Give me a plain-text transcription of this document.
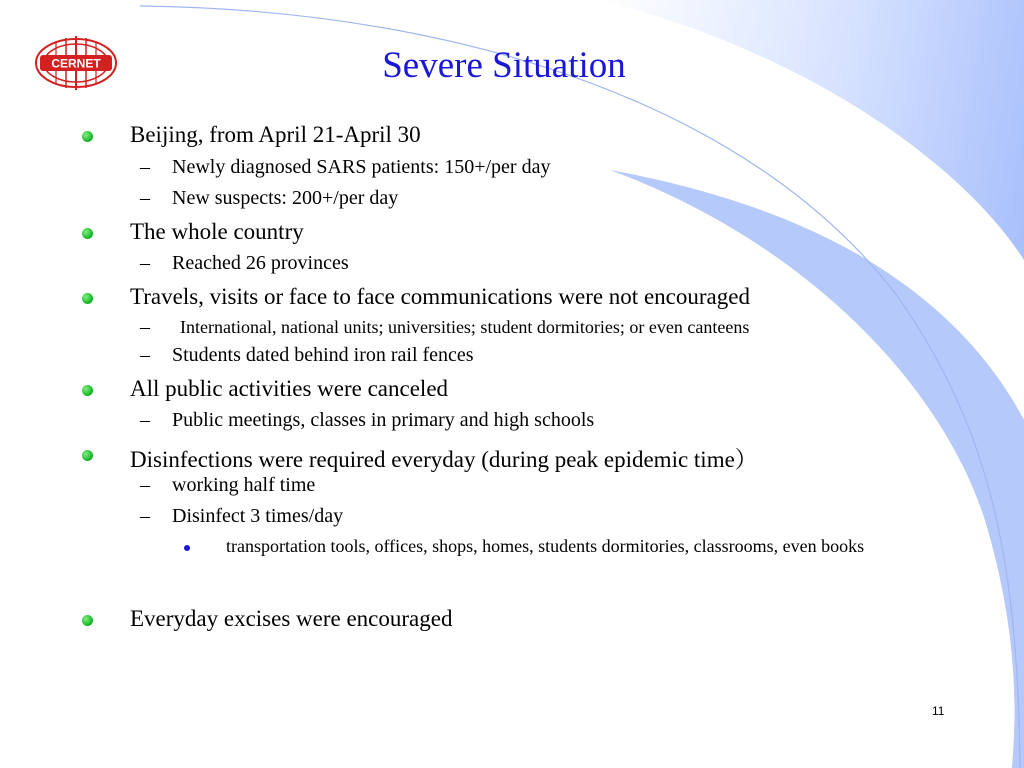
CERNET	Severe Situation
Beijing, from April 21-April 30
– Newly diagnosed SARS patients: 150+/per day
– New suspects: 200+/per day
The whole country
– Reached 26 provinces
Travels, visits or face to face communications were not encouraged
– International, national units; universities; student dormitories; or even canteens
– Students dated behind iron rail fences
All public activities were canceled
– Public meetings, classes in primary and high schools
Disinfections were required everyday (during peak epidemic time）
– working half time
– Disinfect 3 times/day
transportation tools, offices, shops, homes, students dormitories, classrooms, even books
Everyday excises were encouraged
11
